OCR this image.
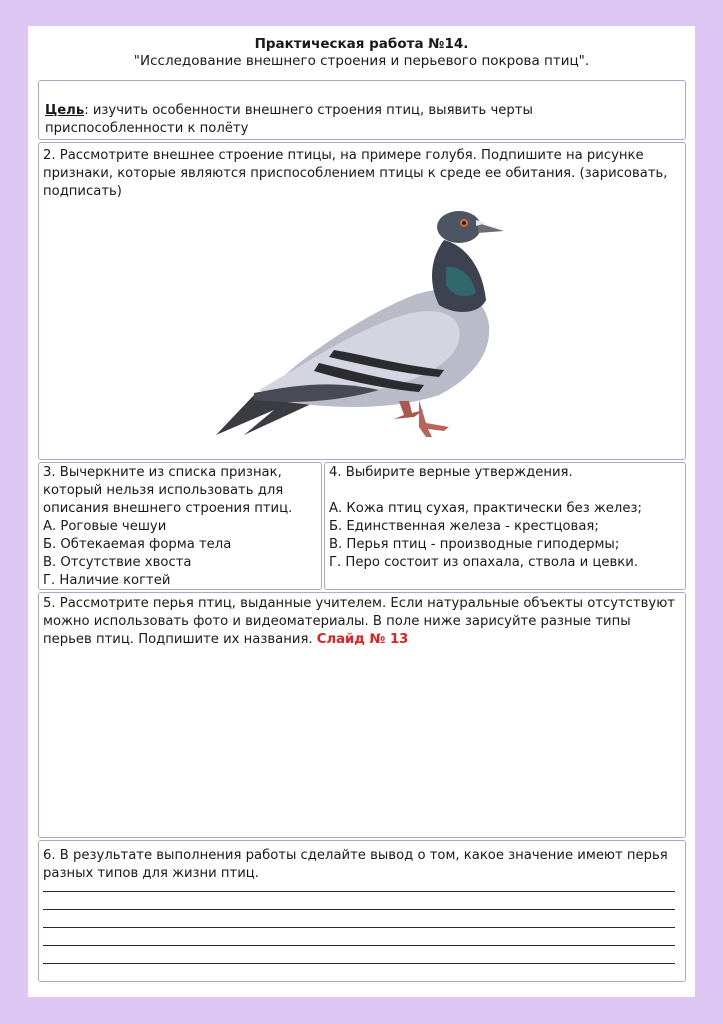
Практическая работа №14.
"Исследование внешнего строения и перьевого покрова птиц".
Цель: изучить особенности внешнего строения птиц, выявить черты приспособленности к полёту
2. Рассмотрите внешнее строение птицы, на примере голубя. Подпишите на рисунке признаки, которые являются приспособлением птицы к среде ее обитания. (зарисовать, подписать)
3. Вычеркните из списка признак, который нельзя использовать для описания внешнего строения птиц.
А. Роговые чешуи
Б. Обтекаемая форма тела
В. Отсутствие хвоста
Г. Наличие когтей
4. Выбирите верные утверждения.
А. Кожа птиц сухая, практически без желез;
Б. Единственная железа - крестцовая;
В. Перья птиц - производные гиподермы;
Г. Перо состоит из опахала, ствола и цевки.
5. Рассмотрите перья птиц, выданные учителем. Если натуральные объекты отсутствуют можно использовать фото и видеоматериалы. В поле ниже зарисуйте разные типы перьев птиц. Подпишите их названия. Слайд № 13
6. В результате выполнения работы сделайте вывод о том, какое значение имеют перья разных типов для жизни птиц.
